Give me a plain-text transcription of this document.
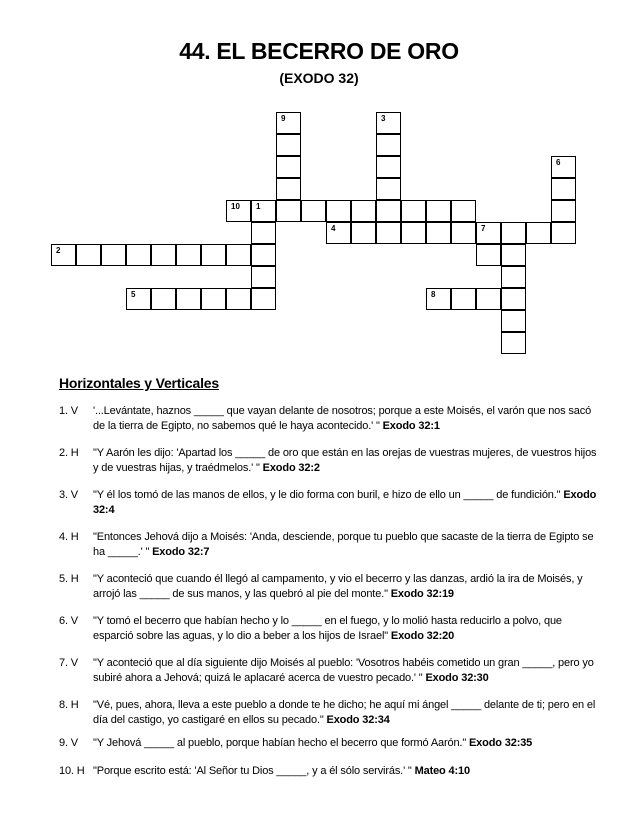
44. EL BECERRO DE ORO
(EXODO 32)
9	3
6
10 1
4	7
2
5	8
Horizontales y Verticales
1. V	'...Levántate, haznos _____ que vayan delante de nosotros; porque a este Moisés, el varón que nos sacó de la tierra de Egipto, no sabemos qué le haya acontecido.' " Exodo 32:1
2. H	"Y Aarón les dijo: 'Apartad los _____ de oro que están en las orejas de vuestras mujeres, de vuestros hijos y de vuestras hijas, y traédmelos.' " Exodo 32:2
3. V	"Y él los tomó de las manos de ellos, y le dio forma con buril, e hizo de ello un _____ de fundición." Exodo 32:4
4. H	"Entonces Jehová dijo a Moisés: 'Anda, desciende, porque tu pueblo que sacaste de la tierra de Egipto se ha _____.' " Exodo 32:7
5. H	"Y aconteció que cuando él llegó al campamento, y vio el becerro y las danzas, ardió la ira de Moisés, y arrojó las _____ de sus manos, y las quebró al pie del monte." Exodo 32:19
6. V	"Y tomó el becerro que habían hecho y lo _____ en el fuego, y lo molió hasta reducirlo a polvo, que esparció sobre las aguas, y lo dio a beber a los hijos de Israel" Exodo 32:20
7. V	"Y aconteció que al día siguiente dijo Moisés al pueblo: 'Vosotros habéis cometido un gran _____, pero yo subiré ahora a Jehová; quizá le aplacaré acerca de vuestro pecado.' " Exodo 32:30
8. H	"Vé, pues, ahora, lleva a este pueblo a donde te he dicho; he aquí mi ángel _____ delante de ti; pero en el día del castigo, yo castigaré en ellos su pecado." Exodo 32:34
9. V	"Y Jehová _____ al pueblo, porque habían hecho el becerro que formó Aarón." Exodo 32:35
10. H "Porque escrito está: 'Al Señor tu Dios _____, y a él sólo servirás.' " Mateo 4:10
